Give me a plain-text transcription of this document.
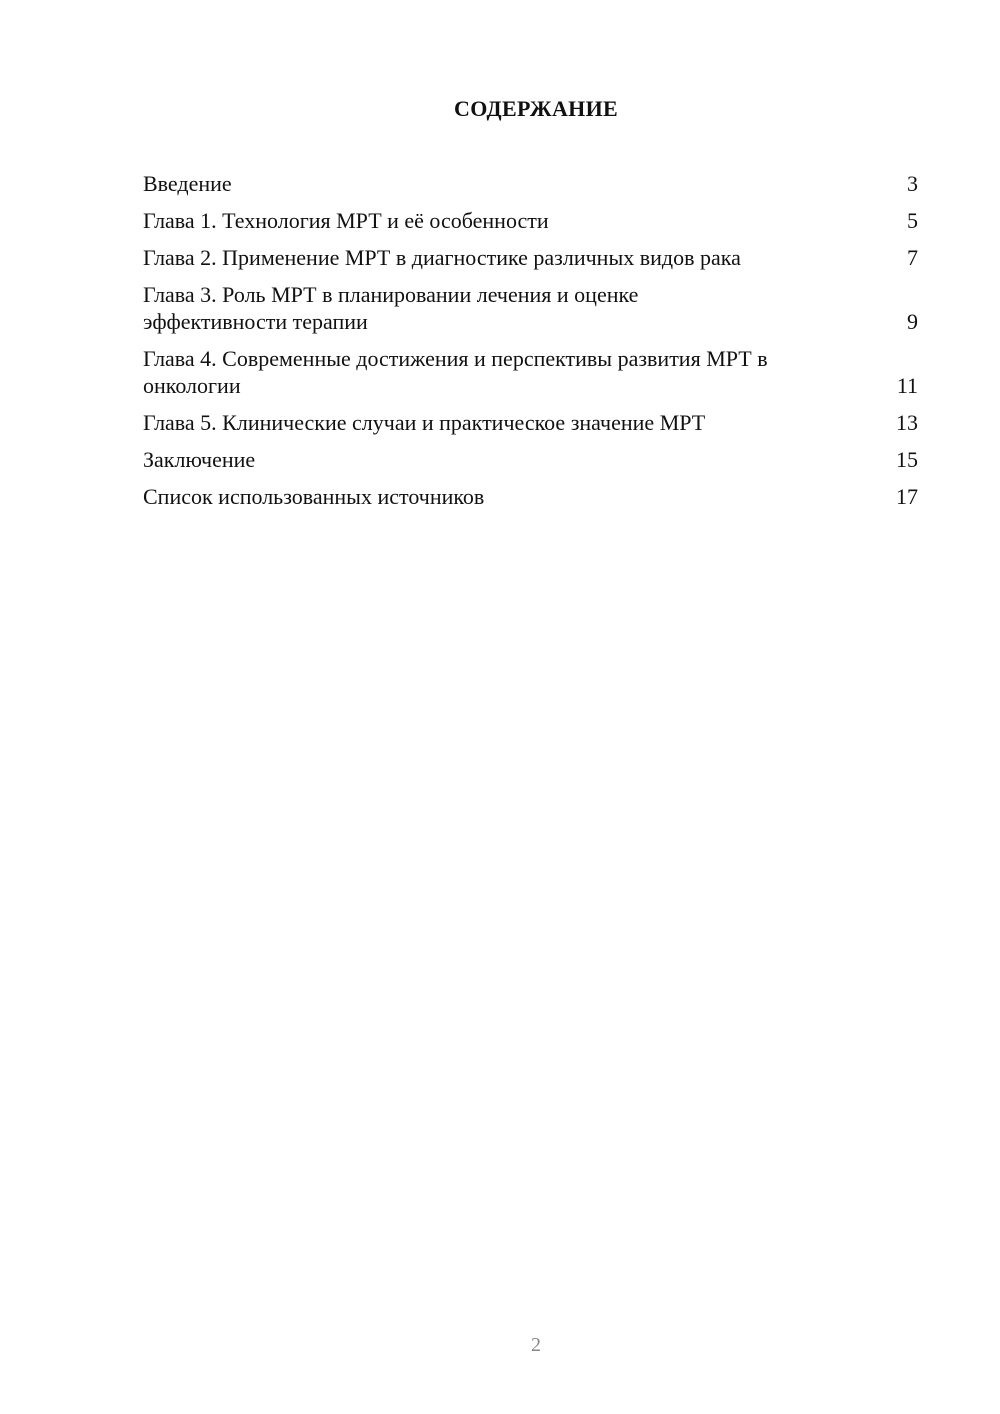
СОДЕРЖАНИЕ
Введение	3
Глава 1. Технология МРТ и её особенности	5
Глава 2. Применение МРТ в диагностике различных видов рака	7
Глава 3. Роль МРТ в планировании лечения и оценке эффективности терапии	9
Глава 4. Современные достижения и перспективы развития МРТ в онкологии	11
Глава 5. Клинические случаи и практическое значение МРТ	13
Заключение	15
Список использованных источников	17
2
